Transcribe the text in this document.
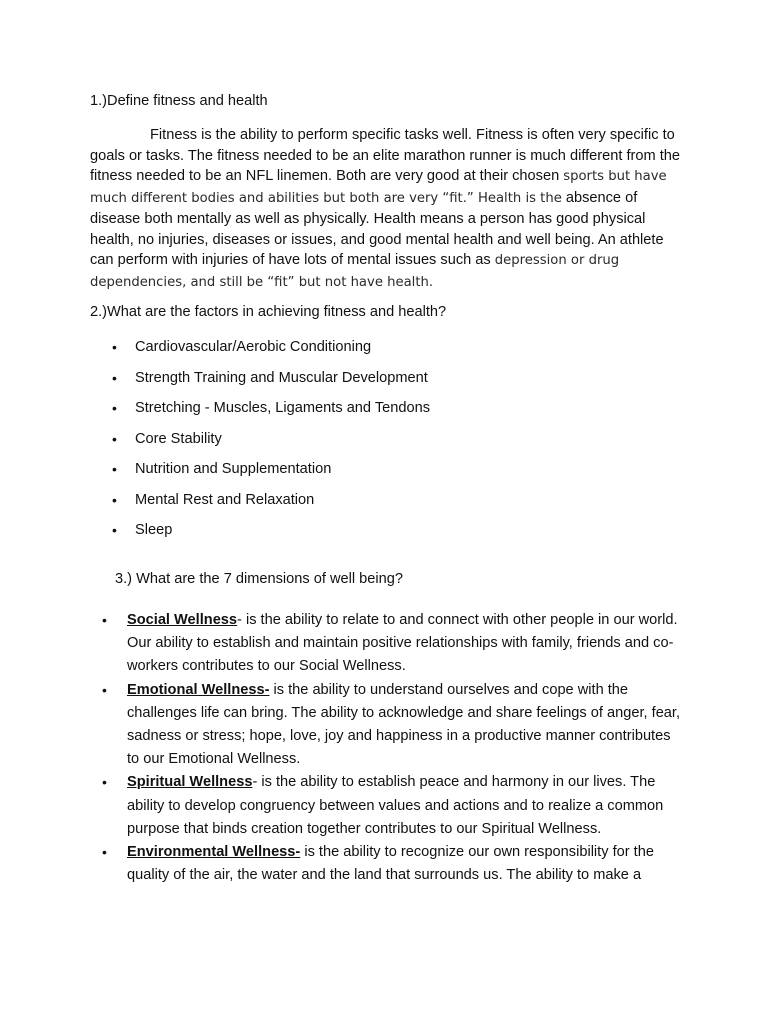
1.)Define fitness and health

Fitness is the ability to perform specific tasks well. Fitness is often very specific to goals or tasks. The fitness needed to be an elite marathon runner is much different from the fitness needed to be an NFL linemen. Both are very good at their chosen sports but have much different bodies and abilities but both are very “fit.” Health is the absence of disease both mentally as well as physically. Health means a person has good physical health, no injuries, diseases or issues, and good mental health and well being. An athlete can perform with injuries of have lots of mental issues such as depression or drug dependencies, and still be “fit” but not have health.

2.)What are the factors in achieving fitness and health?

• Cardiovascular/Aerobic Conditioning
• Strength Training and Muscular Development
• Stretching - Muscles, Ligaments and Tendons
• Core Stability
• Nutrition and Supplementation
• Mental Rest and Relaxation
• Sleep

3.) What are the 7 dimensions of well being?

• Social Wellness- is the ability to relate to and connect with other people in our world. Our ability to establish and maintain positive relationships with family, friends and co-workers contributes to our Social Wellness.
• Emotional Wellness- is the ability to understand ourselves and cope with the challenges life can bring. The ability to acknowledge and share feelings of anger, fear, sadness or stress; hope, love, joy and happiness in a productive manner contributes to our Emotional Wellness.
• Spiritual Wellness- is the ability to establish peace and harmony in our lives. The ability to develop congruency between values and actions and to realize a common purpose that binds creation together contributes to our Spiritual Wellness.
• Environmental Wellness- is the ability to recognize our own responsibility for the quality of the air, the water and the land that surrounds us. The ability to make a
